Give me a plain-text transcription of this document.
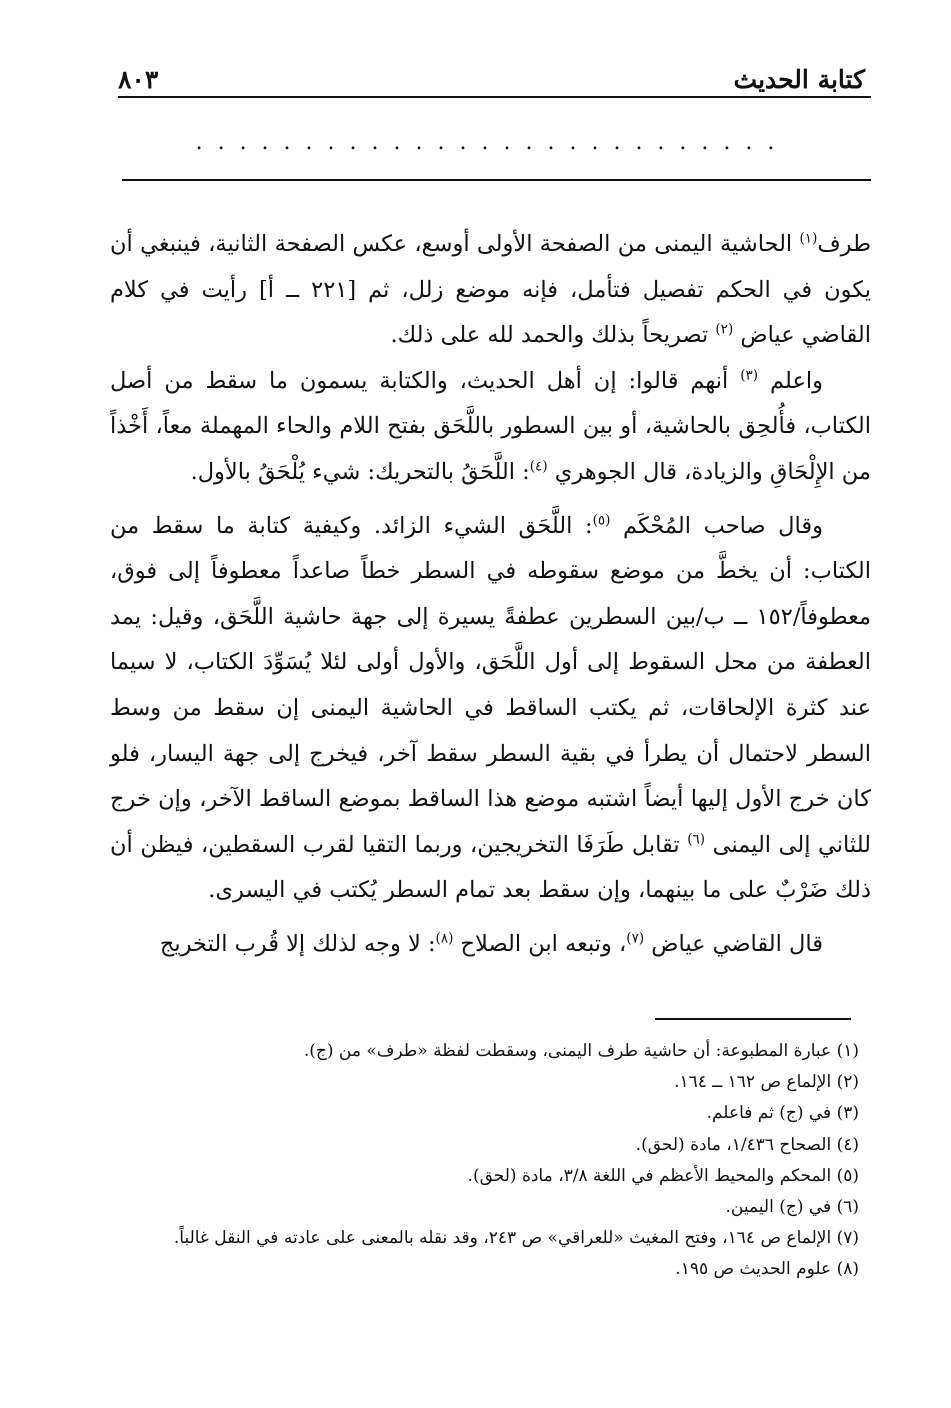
كتابة الحديث
٨٠٣
...........................

طرف$^{(١)}$ الحاشية اليمنى من الصفحة الأولى أوسع، عكس الصفحة الثانية، فينبغي أن يكون في الحكم تفصيل فتأمل، فإنه موضع زلل، ثم [٢٢١ ــ أ] رأيت في كلام القاضي عياض $^{(٢)}$ تصريحاً بذلك والحمد لله على ذلك.

واعلم $^{(٣)}$ أنهم قالوا: إن أهل الحديث، والكتابة يسمون ما سقط من أصل الكتاب، فأُلحِق بالحاشية، أو بين السطور باللَّحَق بفتح اللام والحاء المهملة معاً، أَخْذاً من الإِلْحَاقِ والزيادة، قال الجوهري $^{(٤)}$: اللَّحَقُ بالتحريك: شيء يُلْحَقُ بالأول.

وقال صاحب المُحْكَم $^{(٥)}$: اللَّحَق الشيء الزائد. وكيفية كتابة ما سقط من الكتاب: أن يخطَّ من موضع سقوطه في السطر خطاً صاعداً معطوفاً إلى فوق، معطوفاً/١٥٢ ــ ب/بين السطرين عطفةً يسيرة إلى جهة حاشية اللَّحَق، وقيل: يمد العطفة من محل السقوط إلى أول اللَّحَق، والأول أولى لئلا يُسَوِّدَ الكتاب، لا سيما عند كثرة الإلحاقات، ثم يكتب الساقط في الحاشية اليمنى إن سقط من وسط السطر لاحتمال أن يطرأ في بقية السطر سقط آخر، فيخرج إلى جهة اليسار، فلو كان خرج الأول إليها أيضاً اشتبه موضع هذا الساقط بموضع الساقط الآخر، وإن خرج للثاني إلى اليمنى $^{(٦)}$ تقابل طَرَفَا التخريجين، وربما التقيا لقرب السقطين، فيظن أن ذلك ضَرْبٌ على ما بينهما، وإن سقط بعد تمام السطر يُكتب في اليسرى.

قال القاضي عياض $^{(٧)}$، وتبعه ابن الصلاح $^{(٨)}$: لا وجه لذلك إلا قُرب التخريج

(١) عبارة المطبوعة: أن حاشية طرف اليمنى، وسقطت لفظة «طرف» من (ج).
(٢) الإلماع ص ١٦٢ ــ ١٦٤.
(٣) في (ج) ثم فاعلم.
(٤) الصحاح ١/٤٣٦، مادة (لحق).
(٥) المحكم والمحيط الأعظم في اللغة ٣/٨، مادة (لحق).
(٦) في (ج) اليمين.
(٧) الإلماع ص ١٦٤، وفتح المغيث «للعراقي» ص ٢٤٣، وقد نقله بالمعنى على عادته في النقل غالباً.
(٨) علوم الحديث ص ١٩٥.
